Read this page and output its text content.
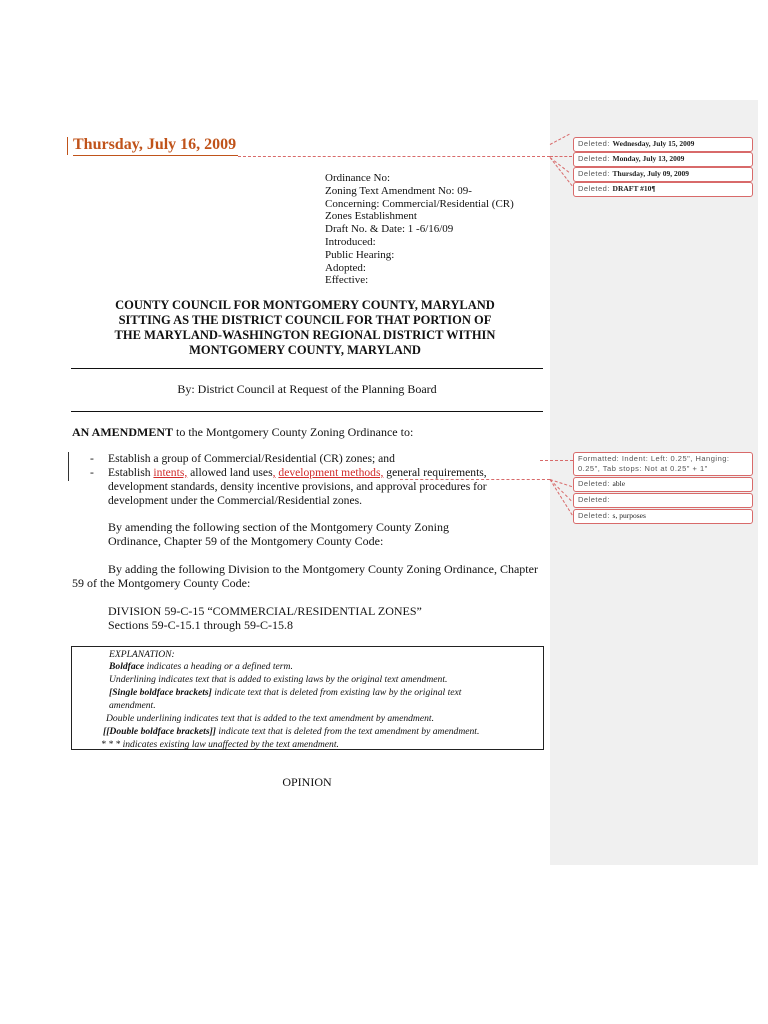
Thursday, July 16, 2009
Ordinance No:
Zoning Text Amendment No: 09-
Concerning: Commercial/Residential (CR)
Zones Establishment
Draft No. & Date: 1 -6/16/09
Introduced:
Public Hearing:
Adopted:
Effective:
COUNTY COUNCIL FOR MONTGOMERY COUNTY, MARYLAND
SITTING AS THE DISTRICT COUNCIL FOR THAT PORTION OF
THE MARYLAND-WASHINGTON REGIONAL DISTRICT WITHIN
MONTGOMERY COUNTY, MARYLAND
By: District Council at Request of the Planning Board
AN AMENDMENT to the Montgomery County Zoning Ordinance to:
-	Establish a group of Commercial/Residential (CR) zones; and
-	Establish intents, allowed land uses, development methods, general requirements,
development standards, density incentive provisions, and approval procedures for
development under the Commercial/Residential zones.
By amending the following section of the Montgomery County Zoning
Ordinance, Chapter 59 of the Montgomery County Code:
By adding the following Division to the Montgomery County Zoning Ordinance, Chapter
59 of the Montgomery County Code:
DIVISION 59-C-15 “COMMERCIAL/RESIDENTIAL ZONES”
Sections 59-C-15.1 through 59-C-15.8
EXPLANATION:
Boldface indicates a heading or a defined term.
Underlining indicates text that is added to existing laws by the original text amendment.
[Single boldface brackets] indicate text that is deleted from existing law by the original text
amendment.
Double underlining indicates text that is added to the text amendment by amendment.
[[Double boldface brackets]] indicate text that is deleted from the text amendment by amendment.
* * * indicates existing law unaffected by the text amendment.
OPINION
Deleted: Wednesday, July 15, 2009
Deleted: Monday, July 13, 2009
Deleted: Thursday, July 09, 2009
Deleted: DRAFT #10¶
Formatted: Indent: Left: 0.25", Hanging: 0.25", Tab stops: Not at 0.25" + 1"
Deleted: able
Deleted:
Deleted: s, purposes
